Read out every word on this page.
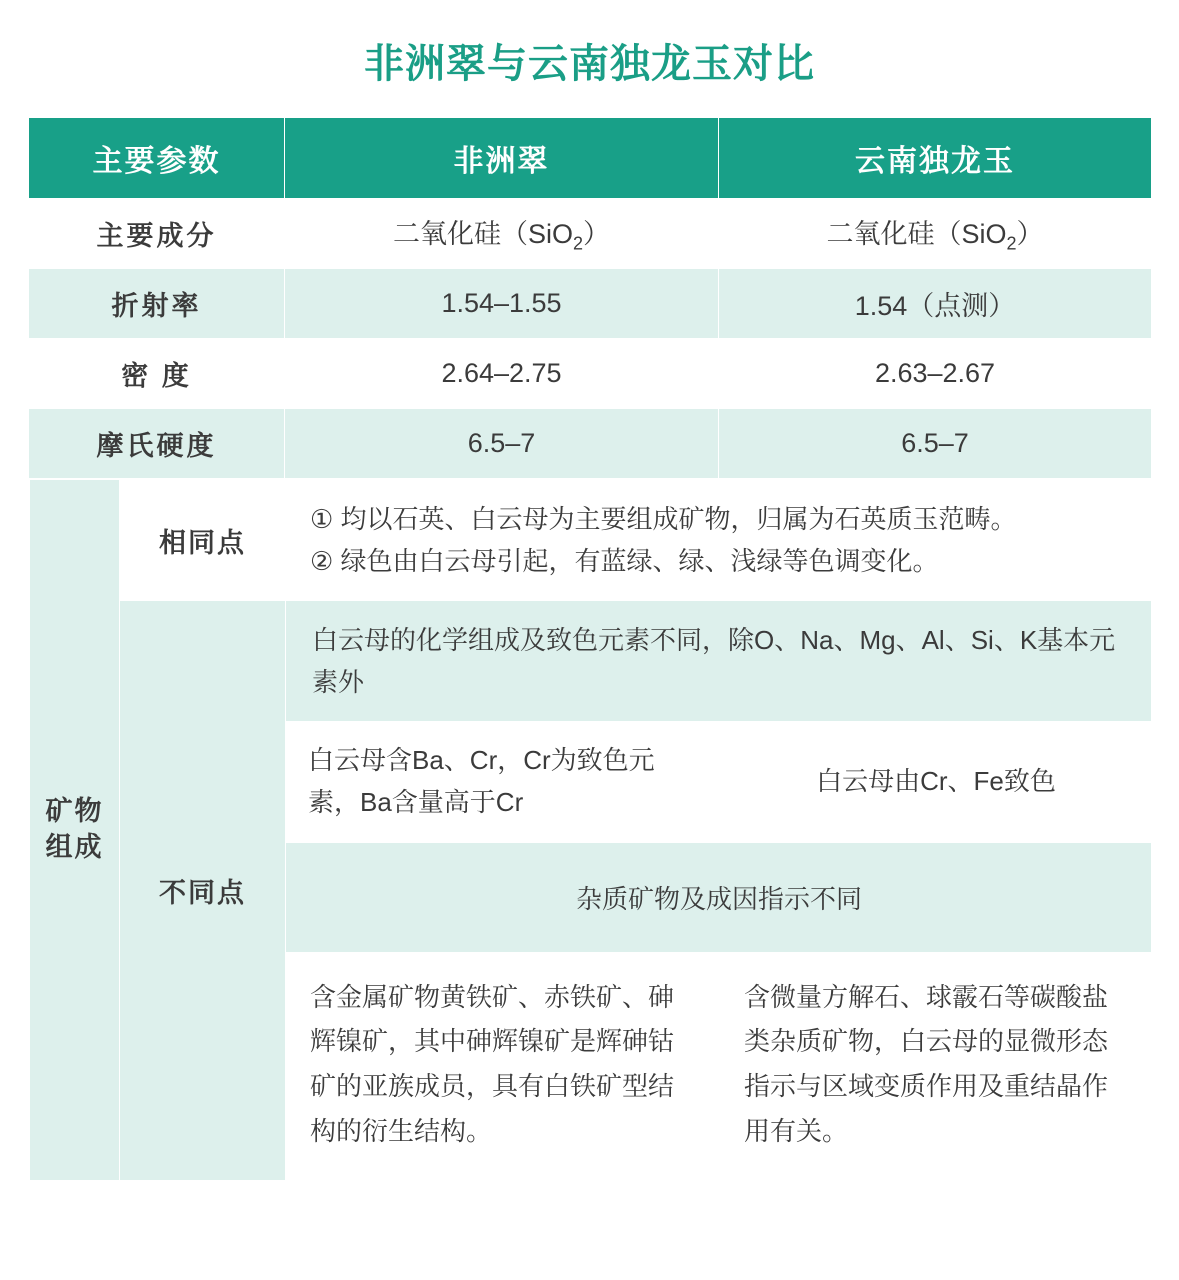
非洲翠与云南独龙玉对比
主要参数	非洲翠	云南独龙玉
主要成分	二氧化硅（SiO$_2$）	二氧化硅（SiO$_2$）
折射率	1.54–1.55	1.54（点测）
密 度	2.64–2.75	2.63–2.67
摩氏硬度	6.5–7	6.5–7

矿物组成	相同点	
① 均以石英、白云母为主要组成矿物，归属为石英质玉范畴。
② 绿色由白云母引起，有蓝绿、绿、浅绿等色调变化。

不同点	白云母的化学组成及致色元素不同，除O、Na、Mg、Al、Si、K基本元素外
白云母含Ba、Cr，Cr为致色元素，Ba含量高于Cr	白云母由Cr、Fe致色
杂质矿物及成因指示不同
含金属矿物黄铁矿、赤铁矿、砷辉镍矿，其中砷辉镍矿是辉砷钴矿的亚族成员，具有白铁矿型结构的衍生结构。	含微量方解石、球霰石等碳酸盐类杂质矿物，白云母的显微形态指示与区域变质作用及重结晶作用有关。
